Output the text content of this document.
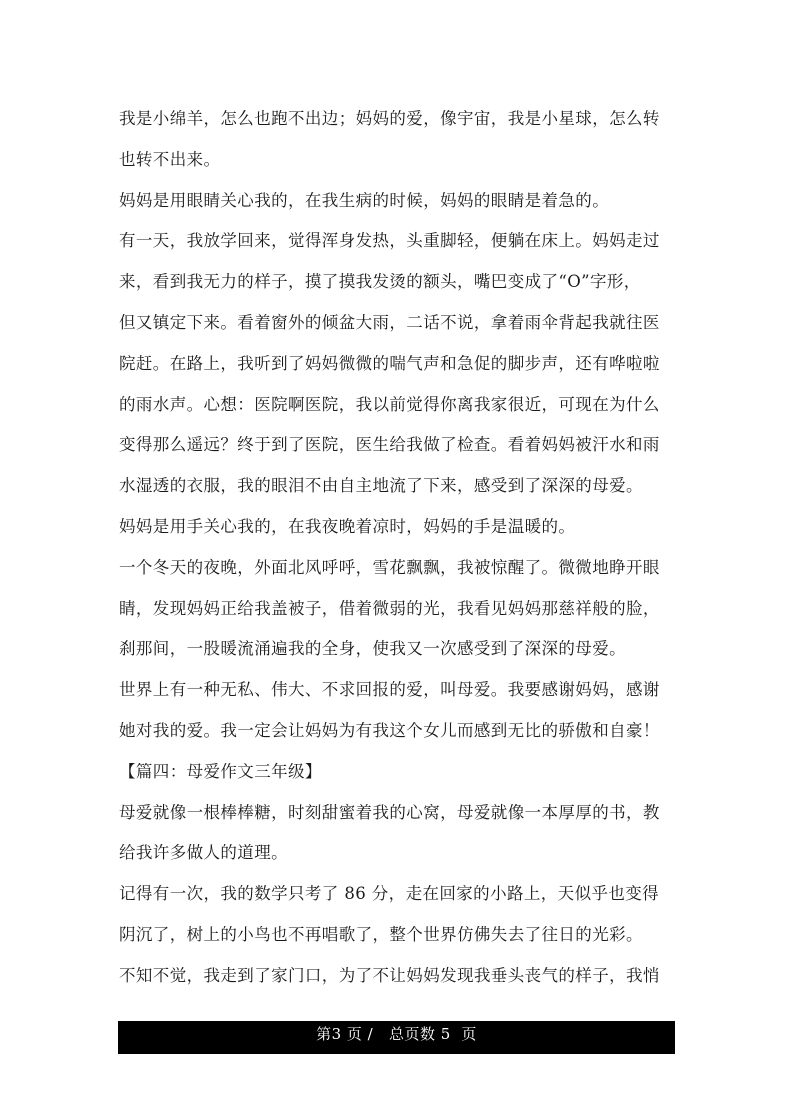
我是小绵羊，怎么也跑不出边；妈妈的爱，像宇宙，我是小星球，怎么转
也转不出来。
妈妈是用眼睛关心我的，在我生病的时候，妈妈的眼睛是着急的。
有一天，我放学回来，觉得浑身发热，头重脚轻，便躺在床上。妈妈走过
来，看到我无力的样子，摸了摸我发烫的额头，嘴巴变成了“O”字形，
但又镇定下来。看着窗外的倾盆大雨，二话不说，拿着雨伞背起我就往医
院赶。在路上，我听到了妈妈微微的喘气声和急促的脚步声，还有哗啦啦
的雨水声。心想：医院啊医院，我以前觉得你离我家很近，可现在为什么
变得那么遥远？终于到了医院，医生给我做了检查。看着妈妈被汗水和雨
水湿透的衣服，我的眼泪不由自主地流了下来，感受到了深深的母爱。
妈妈是用手关心我的，在我夜晚着凉时，妈妈的手是温暖的。
一个冬天的夜晚，外面北风呼呼，雪花飘飘，我被惊醒了。微微地睁开眼
睛，发现妈妈正给我盖被子，借着微弱的光，我看见妈妈那慈祥般的脸，
刹那间，一股暖流涌遍我的全身，使我又一次感受到了深深的母爱。
世界上有一种无私、伟大、不求回报的爱，叫母爱。我要感谢妈妈，感谢
她对我的爱。我一定会让妈妈为有我这个女儿而感到无比的骄傲和自豪！
【篇四：母爱作文三年级】
母爱就像一根棒棒糖，时刻甜蜜着我的心窝，母爱就像一本厚厚的书，教
给我许多做人的道理。
记得有一次，我的数学只考了 86 分，走在回家的小路上，天似乎也变得
阴沉了，树上的小鸟也不再唱歌了，整个世界仿佛失去了往日的光彩。
不知不觉，我走到了家门口，为了不让妈妈发现我垂头丧气的样子，我悄
第3 页 /   总页数 5  页
